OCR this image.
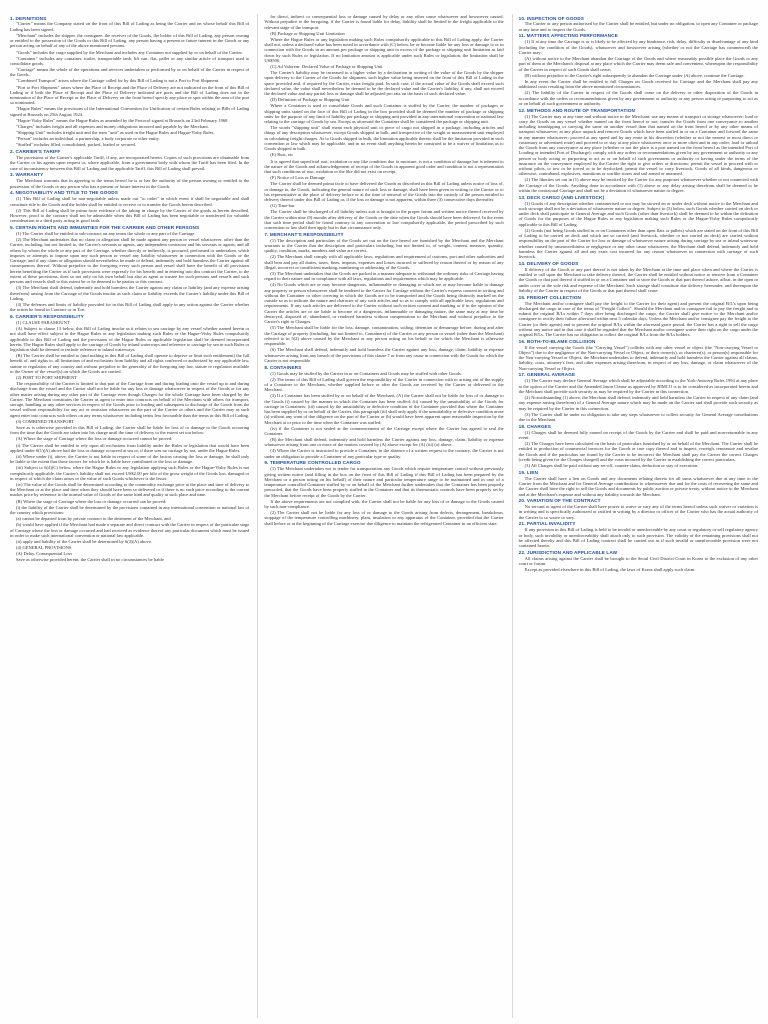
1. DEFINITIONS

"Carrier" means the Company stated on the front of this Bill of Lading as being the Carrier and on whose behalf this Bill of Lading has been signed.

"Merchant" includes the shipper, the consignee, the receiver of the Goods, the holder of this Bill of Lading, any person owning or entitled to the possession of the Goods or this Bill of Lading, any person having a present or future interest in the Goods or any person acting on behalf of any of the above mentioned persons.

"Goods" includes the cargo supplied by the Merchant and includes any Container not supplied by or on behalf of the Carrier.

"Container" includes any container, trailer, transportable tank, lift van, flat, pallet or any similar article of transport used to consolidate goods.

"Carriage" means the whole of the operations and services undertaken or performed by or on behalf of the Carrier in respect of the Goods.

"Combined Transport" arises where the Carriage called for by this Bill of Lading is not a Port to Port Shipment.

"Port to Port Shipment" arises where the Place of Receipt and the Place of Delivery are not indicated on the front of this Bill of Lading or if both the Place of Receipt and the Place of Delivery indicated are ports and the Bill of Lading does not in the nomination of the Place of Receipt or the Place of Delivery on the front hereof specify any place or spot within the area of the port so nominated.

"Hague Rules" means the provisions of the International Convention for Unification of certain Rules relating to Bills of Lading signed at Brussels on 25th August 1924.

"Hague-Visby Rules" means the Hague Rules as amended by the Protocol signed at Brussels on 23rd February 1968.

"Charges" includes freight and all expenses and money obligations incurred and payable by the Merchant.

"Shipping Unit" includes freight unit and the term "unit" as used in the Hague Rules and Hague-Visby Rules.

"Person" includes an individual, a partnership, a body corporate or other entity.

"Stuffed" includes filled, consolidated, packed, loaded or secured.

2. CARRIER'S TARIFF

The provisions of the Carrier's applicable Tariff, if any, are incorporated herein. Copies of such provisions are obtainable from the Carrier or his agents upon request or, where applicable, from a government body with whom the Tariff has been filed. In the case of inconsistency between this Bill of Lading and the applicable Tariff, this Bill of Lading shall prevail.

3. WARRANTY

The Merchant warrants that in agreeing to the terms hereof he is or has the authority of the person owning or entitled to the possession of the Goods or any person who has a present or future interest in the Goods.

4. NEGOTIABILITY AND TITLE TO THE GOODS

(1) This Bill of Lading shall be non-negotiable unless made out "to order" in which event it shall be negotiable and shall constitute title to the Goods and the holder shall be entitled to receive or to transfer the Goods herein described.

(2) This Bill of Lading shall be prima facie evidence of the taking in charge by the Carrier of the goods as herein described. However, proof to the contrary shall not be admissible when this Bill of Lading has been negotiable or transferred for valuable consideration to a third party acting in good faith.

5. CERTAIN RIGHTS AND IMMUNITIES FOR THE CARRIER AND OTHER PERSONS

(1) The Carrier shall be entitled to sub-contract on any terms the whole or any part of the Carriage.

(2) The Merchant undertakes that no claim or allegation shall be made against any person or vessel whatsoever, other than the Carrier, including, but not limited to, the Carrier's servants or agents, any independent contractor and his servants or agents, and all others by whom the whole or any part of the Carriage, whether directly or indirectly, is procured, performed or undertaken, which imposes or attempts to impose upon any such person or vessel any liability whatsoever in connection with the Goods or the Carriage; and if any claim or allegation should nevertheless be made to defend, indemnify and hold harmless the Carrier against all consequences thereof. Without prejudice to the foregoing every such person and vessel shall have the benefit of all provisions herein benefiting the Carrier as if such provisions were expressly for his benefit and in entering into this contract the Carrier, to the extent of these provisions, does so not only on his own behalf but also as agent or trustee for such persons and vessels and such persons and vessels shall to this extent be or be deemed to be parties to this contract.

(3) The Merchant shall defend, indemnify and hold harmless the Carrier against any claim or liability (and any expense arising therefrom) arising from the Carriage of the Goods insofar as such claim or liability exceeds the Carrier's liability under this Bill of Lading.

(4) The defenses and limits of liability provided for in this Bill of Lading shall apply in any action against the Carrier whether the action be found in Contract or in Tort.

6. CARRIER'S RESPONSIBILITY

(1) CLAUSE PARAMOUNT

(A) Subject to clause 13 below, this Bill of Lading insofar as it relates to sea carriage by any vessel whether named herein or not shall have effect subject to the Hague Rules or any legislation making such Rules or the Hague-Visby Rules compulsorily applicable to this Bill of Lading and the provisions of the Hague Rules or applicable legislation shall be deemed incorporated herein. The Hague Rules shall apply to the carriage of Goods by inland waterways and reference to carriage by sea in such Rules or legislation shall be deemed to include reference to inland waterways.

(B) The Carrier shall be entitled to (and nothing in this Bill of Lading shall operate to deprive or limit such entitlement) the full benefit of, and rights to, all limitations of and exclusions from liability and all rights conferred or authorized by any applicable law, statute or regulation of any country and without prejudice to the generality of the foregoing any law, statute or regulation available to the Owner of the vessel(s) on which the Goods are carried.

(2) PORT TO PORT SHIPMENT

The responsibility of the Carrier is limited to that part of the Carriage from and during loading onto the vessel up to and during discharge from the vessel and the Carrier shall not be liable for any loss or damage whatsoever in respect of the Goods or for any other matter arising during any other part of the Carriage even though Charges for the whole Carriage have been charged by the Carrier. The Merchant constitutes the Carrier as agent to enter into contracts on behalf of the Merchant with others for transport, storage, handling or any other services in respect of the Goods prior to loading and subsequent to discharge of the Goods from the vessel without responsibility for any act or omission whatsoever on the part of the Carrier or others and the Carrier may as such agent enter into contracts with others on any terms whatsoever including terms less favourable than the terms in this Bill of Lading.

(3) COMBINED TRANSPORT

Save as is otherwise provided in this Bill of Lading, the Carrier shall be liable for loss of or damage to the Goods occurring from the time that the Goods are taken into his charge until the time of delivery to the extent set out below:

(A) Where the stage of Carriage where the loss or damage occurred cannot be proved:

(i) The Carrier shall be entitled to rely upon all exclusions from liability under the Rules or legislation that would have been applied under 6(1)(A) above had the loss or damage occurred at sea or, if there was no carriage by sea, under the Hague Rules.

(ii) Where under (i), above, the Carrier is not liable in respect of some of the factors causing the loss or damage, he shall only be liable to the extent that those factors for which he is liable have contributed to the loss or damage.

(iii) Subject to 6(4)(C) below, where the Hague Rules or any legislation applying such Rules or the Hague-Visby Rules is not compulsorily applicable, the Carrier's liability shall not exceed US$2.00 per kilo of the gross weight of the Goods lost, damaged or in respect of which the claim arises or the value of such Goods whichever is the lesser.

(iv) The value of the Goods shall be determined according to the commodity exchange price at the place and time of delivery to the Merchant or at the place and time when they should have been so delivered or if there is no such price according to the current market price by reference to the normal value of Goods of the same kind and quality at such place and time.

(B) Where the stage of Carriage where the loss or damage occurred can be proved:

(i) the liability of the Carrier shall be determined by the provisions contained in any international convention or national law of the country which provisions:

(a) cannot be departed from by private contract to the detriment of the Merchant, and

(b) would have applied if the Merchant had made a separate and direct contract with the Carrier in respect of the particular stage of Carriage where the loss or damage occurred and had received as evidence thereof any particular document which must be issued in order to make such international convention or national law applicable.

(ii) apply and liability of the Carrier shall be determined by 6(3)(A) above.

(4) GENERAL PROVISIONS

(A) Delay, Consequential Loss

Save as otherwise provided herein, the Carrier shall in no circumstances be liable

for direct, indirect or consequential loss or damage caused by delay or any other cause whatsoever and howsoever caused. Without prejudice to the foregoing, if the Carrier is found liable for delay, liability shall be limited to the freight applicable to the relevant stage of the transport.

(B) Package or Shipping Unit Limitation

Where the Hague Rules or any legislation making such Rules compulsorily applicable to this Bill of Lading apply, the Carrier shall not, unless a declared value has been noted in accordance with (C) below, be or become liable for any loss or damage to or in connection with the Goods in an amount per package or shipping unit in excess of the package or shipping unit limitation as laid down by such Rules or legislation. If no limitation amount is applicable under such Rules or legislation, the limitation shall be US$500.

(C) Ad Valorem: Declared Value of Package or Shipping Unit

The Carrier's liability may be increased to a higher value by a declaration in writing of the value of the Goods by the shipper upon delivery to the Carrier of the Goods for shipment, such higher value being inserted on the front of this Bill of Lading in the space provided and, if required by the Carrier, extra freight paid. In such case, if the actual value of the Goods shall exceed such declared value, the value shall nevertheless be deemed to be the declared value and the Carrier's liability, if any, shall not exceed the declared value and any partial loss or damage shall be adjusted pro rata on the basis of such declared value.

(D) Definition of Package or Shipping Unit

Where a Container is used to consolidate Goods and such Container is stuffed by the Carrier, the number of packages or shipping units stated on the face of this Bill of Lading in the box provided shall be deemed the number of package or shipping units for the purpose of any limit of liability per package or shipping unit provided in any international convention or national law relating to the carriage of Goods by sea. Except as aforesaid the Container shall be considered the package or shipping unit.

The words "shipping unit" shall mean each physical unit or piece of cargo not shipped in a package, including articles and things of any description whatsoever, except Goods shipped in bulk, and irrespective of the weight or measurement unit employed in calculating freight charges. As to Goods shipped in bulk, the limitation applicable thereto shall be the limitation provided in such convention or law which may be applicable, and in no event shall anything herein be construed to be a waiver of limitation as to Goods shipped in bulk.

(E) Rust, etc

It is agreed that superficial rust, oxidation or any like condition due to moisture, is not a condition of damage but is inherent to the nature of the Goods and acknowledgement of receipt of the Goods in apparent good order and condition is not a representation that such conditions of rust, oxidation or the like did not exist on receipt.

(F) Notice of Loss or Damage

The Carrier shall be deemed prima facie to have delivered the Goods as described in this Bill of Lading unless notice of loss of, or damage to, the Goods, indicating the general nature of such loss or damage, shall have been given in writing to the Carrier or to his representative at the place of delivery before or at the time of removal of the Goods into the custody of the person entitled to delivery thereof under this Bill of Lading or, if the loss or damage is not apparent, within three (3) consecutive days thereafter.

(G) Time-bar

The Carrier shall be discharged of all liability unless suit is brought in the proper forum and written notice thereof received by the Carrier within nine (9) months after delivery of the Goods or the date when the Goods should have been delivered. In the event that such time period shall be found contrary to any convention or law compulsorily applicable, the period prescribed by such convention or law shall then apply but in that circumstance only.

7. MERCHANT'S RESPONSIBILITY

(1) The description and particulars of the Goods set out on the face hereof are furnished by the Merchant and the Merchant warrants to the Carrier that the description and particulars including, but not limited to, of weight, content, measure, quantity, quality, condition, marks, numbers and value are correct.

(2) The Merchant shall comply with all applicable laws, regulations and requirement of customs, port and other authorities and shall bear and pay all duties, taxes, fines, imposts, expenses and losses incurred or suffered by reason thereof or by reason of any illegal, incorrect or insufficient marking, numbering or addressing of the Goods.

(3) The Merchant undertakes that the Goods are packed in a manner adequate to withstand the ordinary risks of Carriage having regard to their nature and in compliance with all laws, regulations and requirements which may be applicable.

(4) No Goods which are or may become dangerous, inflammable or damaging or which are or may become liable to damage any property or person whatsoever shall be tendered to the Carrier for Carriage without the Carrier's express consent in writing and without the Container or other covering in which the Goods are to be transported and the Goods being distinctly marked on the outside so as to indicate the nature and character of any such articles and so as to comply with all applicable laws, regulations and requirements. If any such articles are delivered to the Carrier without such written consent and marking or if in the opinion of the Carrier the articles are or are liable to become of a dangerous, inflammable or damaging nature, the same may at any time be destroyed, disposed of, abandoned, or rendered harmless without compensation to the Merchant and without prejudice to the Carrier's right to Charges.

(5) The Merchant shall be liable for the loss, damage, contamination, soiling, detention or demurrage before, during and after the Carriage of property (including, but not limited to, Containers) of the Carrier or any person or vessel (other than the Merchant) referred to in 5(2) above caused by the Merchant or any person acting on his behalf or for which the Merchant is otherwise responsible.

(6) The Merchant shall defend, indemnify and hold harmless the Carrier against any loss, damage, claim, liability or expense whatsoever arising from any breach of the provisions of this clause 7 or from any cause in connection with the Goods for which the Carrier is not responsible.

8. CONTAINERS

(1) Goods may be stuffed by the Carrier in or on Containers and Goods may be stuffed with other Goods.

(2) The terms of this Bill of Lading shall govern the responsibility of the Carrier in connection with or arising out of the supply of a Container to the Merchant, whether supplied before or after the Goods are received by the Carrier or delivered to the Merchant.

(3) If a Container has been stuffed by or on behalf of the Merchant, (A) the Carrier shall not be liable for loss of or damage to the Goods (i) caused by the manner in which the Container has been stuffed; (ii) caused by the unsuitability of the Goods for carriage in Containers; (iii) caused by the unsuitability or defective condition of the Container provided that where the Container has been supplied by or on behalf of the Carrier, this paragraph (iii) shall only apply if the unsuitability or defective condition arose (a) without any want of due diligence on the part of the Carrier or (b) would have been apparent upon reasonable inspection by the Merchant at or prior to the time when the Container was stuffed;

(iv) if the Container is not sealed at the commencement of the Carriage except where the Carrier has agreed to seal the Container.

(B) the Merchant shall defend, indemnify and hold harmless the Carrier against any loss, damage, claim, liability or expense whatsoever arising from one or more of the matters covered by (A) above except for (A) (iii) (a) above.

(4) Where the Carrier is instructed to provide a Container, in the absence of a written request to the contrary, the Carrier is not under an obligation to provide a Container of any particular type or quality.

9. TEMPERATURE CONTROLLED CARGO

(1) The Merchant undertakes not to tender for transportation any Goods which require temperature control without previously giving written notice (and filling in the box on the front of this Bill of Lading if this Bill of Lading has been prepared by the Merchant or a person acting on his behalf) of their nature and particular temperature range to be maintained and in case of a temperature controlled Container stuffed by or on behalf of the Merchant further undertakes that the Container has been properly precooled, that the Goods have been properly stuffed in the Container and that its thermostatic controls have been properly set by the Merchant before receipt of the Goods by the Carrier.

If the above requirements are not complied with, the Carrier shall not be liable for any loss of or damage to the Goods caused by such non-compliance.

(2) The Carrier shall not be liable for any loss of or damage to the Goods arising from defects, derangement, breakdown, stoppage of the temperature controlling machinery, plant, insulation or any apparatus of the Container, provided that the Carrier shall before or at the beginning of the Carriage exercise due diligence to maintain the refrigerated Container in an efficient state.

10. INSPECTION OF GOODS

The Carrier or any person authorised by the Carrier shall be entitled, but under no obligation, to open any Container or package at any time and to inspect the Goods.

11. MATTERS AFFECTING PERFORMANCE

(1) If at any time the Carriage is or is likely to be affected by any hindrance, risk, delay, difficulty or disadvantage of any kind (including the condition of the Goods), whatsoever and howsoever arising (whether or not the Carriage has commenced) the Carrier may:

(A) without notice to the Merchant abandon the Carriage of the Goods and where reasonably possible place the Goods or any part of them at the Merchant's disposal at any place which the Carrier may deem safe and convenient, whereupon the responsibility of the Carrier in respect of such Goods shall cease;

(B) without prejudice to the Carrier's right subsequently to abandon the Carriage under (A) above, continue the Carriage.

In any event the Carrier shall be entitled to full Charges on Goods received for Carriage and the Merchant shall pay any additional costs resulting from the above mentioned circumstances.

(2) The liability of the Carrier in respect of the Goods shall cease on the delivery or other disposition of the Goods in accordance with the orders or recommendations given by any government or authority or any person acting or purporting to act as or on behalf of such government or authority.

12. METHODS AND ROUTE OF TRANSPORTATION

(1) The Carrier may at any time and without notice to the Merchant: use any means of transport or storage whatsoever; load or carry the Goods on any vessel whether named on the front hereof or not; transfer the Goods from one conveyance to another including transhipping or carrying the same on another vessel than that named on the front hereof or by any other means of transport whatsoever; at any place unpack and remove Goods which have been stuffed in or on a Container and forward the same in any manner whatsoever; proceed at any speed and by any route in his discretion (whether or not the nearest or most direct or customary or advertised route) and proceed to or stay at any place whatsoever once or more often and in any order; load or unload the Goods from any conveyance at any place (whether or not the place is a port named on the front hereof as the intended Port of Loading or intended Port of Discharge); comply with any orders or recommendations given by any government or authority or any person or body acting or purporting to act as or on behalf of such government or authority or having under the terms of the insurance on the conveyance employed by the Carrier the right to give orders or directions; permit the vessel to proceed with or without pilots, to tow or be towed or to be drydocked; permit the vessel to carry livestock, Goods of all kinds, dangerous or otherwise, contraband, explosives, munitions or warlike stores and sail armed or unarmed.

(2) The liberties set out in (1) above may be invoked by the Carrier for any purposes whatsoever whether or not connected with the Carriage of the Goods. Anything done in accordance with (1) above or any delay arising therefrom shall be deemed to be within the contractual Carriage and shall not be a deviation of whatsoever nature or degree.

13. DECK CARGO (AND LIVESTOCK)

(1) Goods of any description whether containerised or not may be stowed on or under deck without notice to the Merchant and such stowage shall not be a deviation of whatsoever nature or degree. Subject to (3) below, such Goods whether carried on deck or under deck shall participate in General Average and such Goods (other than livestock) shall be deemed to be within the definition of Goods for the purposes of the Hague Rules or any legislation making such Rules or the Hague-Visby Rules compulsorily applicable to this Bill of Lading.

(2) Goods (not being Goods stuffed in or on Containers other than open flats or pallets) which are stated on the front of this Bill of Lading to be carried on deck and which are so carried (and livestock, whether or not carried on deck) are carried without responsibility on the part of the Carrier for loss or damage of whatsoever nature arising during carriage by sea or inland waterway whether caused by unseaworthiness or negligence or any other cause whatsoever, the Merchant shall defend, indemnify and hold harmless the Carrier against all and any extra cost incurred for any reason whatsoever in connection with carriage of such livestock.

14. DELIVERY OF GOODS

If delivery of the Goods or any part thereof is not taken by the Merchant at the time and place when and where the Carrier is entitled to call upon the Merchant to take delivery thereof, the Carrier shall be entitled without notice to remove from a Container the Goods or that part thereof if stuffed in or on a Container and to store the Goods or that part thereof ashore, afloat, in the open or under cover at the sole risk and expense of the Merchant. Such storage shall constitute due delivery hereunder, and thereupon the liability of the Carrier in respect of the Goods or that part thereof shall cease.

15. FREIGHT COLLECTION

The Merchant and/or consignee shall pay the freight to the Carrier (or their agent) and present the original B/L's upon being discharged the cargo in case of the terms of "Freight Collect". Should the Merchant and/or consignee fail to pay the freight and to submit the original B/Ls within 7 days after being discharged the cargo, the Carrier shall give notice to the Merchant and/or consignee to rectify their failure afterward within next 5 calendar days. Unless the Merchant and/or consignee pay the freight to the Carrier (or their agents) and to present the original B/Ls within the aforesaid grace period, the Carrier has a right to sell the cargo without any notice and in that case it shall be regarded that the Merchant and/or consignee waive their right on the cargo under the original B/Ls. The Carrier has no obligation to collect the original B/Ls from the B/Ls holders.

16. BOTH-TO-BLAME COLLISION

If the vessel carrying the Goods (the "Carrying Vessel") collides with any other vessel or object (the "Non-carrying Vessel or Object") due to the negligence of the Non-carrying Vessel or Object, or their owner(s), or charterer(s), or person(s) responsible for the Non-carrying Vessel or Object, the Merchant undertakes to defend, indemnify and hold harmless the Carrier against all claims, liability, costs, attorney's fees, and other expenses arising therefrom, in respect of any loss, damage, or claim whatsoever of the Non-carrying Vessel or Object.

17. GENERAL AVERAGE

(1) The Carrier may declare General Average which shall be adjustable according to the York-Antwerp Rules 1994 at any place at the option of the Carrier and the Amended Jason Clause as approved by BIMCO is to be considered as incorporated herein and the Merchant shall provide such security as may be required by the Carrier in this connection.

(2) Notwithstanding (1) above, the Merchant shall defend, indemnify and hold harmless the Carrier in respect of any claim (and any expense arising therefrom) of a General Average nature which may be made on the Carrier and shall provide such security as may be required by the Carrier in this connection.

(3) The Carrier shall be under no obligation to take any steps whatsoever to collect security for General Average contributions due to the Merchant.

18. CHARGES

(1) Charges shall be deemed fully earned on receipt of the Goods by the Carrier and shall be paid and non-returnable in any event.

(2) The Charges have been calculated on the basis of particulars furnished by or on behalf of the Merchant. The Carrier shall be entitled to production of commercial invoices for the Goods or true copy thereof and to inspect, reweigh, remeasure and revalue the Goods and if the particulars are found by the Carrier to be incorrect the Merchant shall pay the Carrier the correct Charges (credit being given for the Charges charged) and the costs incurred by the Carrier in establishing the correct particulars.

(3) All Charges shall be paid without any set-off, counter-claim, deduction or stay of execution.

19. LIEN

The Carrier shall have a lien on Goods and any documents relating thereto for all sums whatsoever due at any time to the Carrier from the Merchant and for General Average contributions to whomsoever due and for the costs of recovering the same and the Carrier shall have the right to sell the Goods and documents by public auction or private treaty, without notice to the Merchant and at the Merchant's expense and without any liability towards the Merchant.

20. VARIATION OF THE CONTRACT

No servant or agent of the Carrier shall have power to waive or vary any of the terms hereof unless such waiver or variation is in writing and is specifically authorized or ratified in writing by a director or officer of the Carrier who has the actual authority of the Carrier to so waive or vary.

21. PARTIAL INVALIDITY

If any provision in this Bill of Lading is held to be invalid or unenforceable by any court or regulatory or self regulatory agency or body, such invalidity or unenforceability shall attach only to such provision. The validity of the remaining provisions shall not be affected thereby and this Bill of Lading contract shall be carried out as if such invalid or unenforceable provision were not contained herein.

22. JURISDICTION AND APPLICABLE LAW

All claims arising against the Carrier shall be brought to the Seoul Civil District Court in Korea to the exclusion of any other court or forum.

Except as provided elsewhere in this Bill of Lading, the laws of Korea shall apply such claim.
